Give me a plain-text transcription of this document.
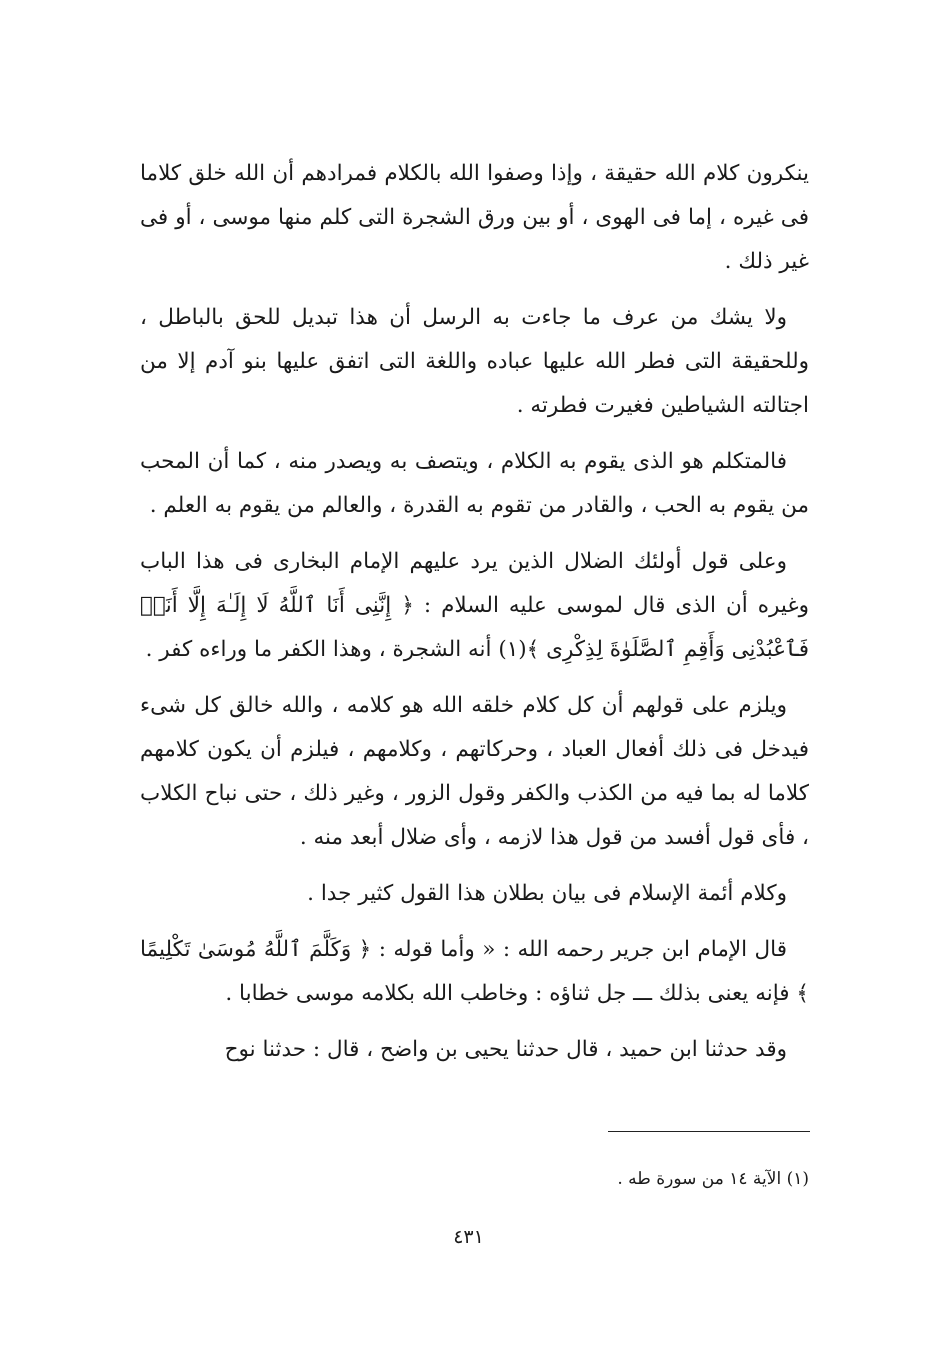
ينكرون كلام الله حقيقة ، وإذا وصفوا الله بالكلام فمرادهم أن الله خلق كلاما فى غيره ، إما فى الهوى ، أو بين ورق الشجرة التى كلم منها موسى ، أو فى غير ذلك .

ولا يشك من عرف ما جاءت به الرسل أن هذا تبديل للحق بالباطل ، وللحقيقة التى فطر الله عليها عباده واللغة التى اتفق عليها بنو آدم إلا من اجتالته الشياطين فغيرت فطرته .

فالمتكلم هو الذى يقوم به الكلام ، ويتصف به ويصدر منه ، كما أن المحب من يقوم به الحب ، والقادر من تقوم به القدرة ، والعالم من يقوم به العلم .

وعلى قول أولئك الضلال الذين يرد عليهم الإمام البخارى فى هذا الباب وغيره أن الذى قال لموسى عليه السلام : ﴿ إِنَّنِى أَنَا ٱللَّهُ لَا إِلَـٰهَ إِلَّا أَنَا۠ فَٱعْبُدْنِى وَأَقِمِ ٱلصَّلَوٰةَ لِذِكْرِى ﴾(١) أنه الشجرة ، وهذا الكفر ما وراءه كفر .

ويلزم على قولهم أن كل كلام خلقه الله هو كلامه ، والله خالق كل شىء فيدخل فى ذلك أفعال العباد ، وحركاتهم ، وكلامهم ، فيلزم أن يكون كلامهم كلاما له بما فيه من الكذب والكفر وقول الزور ، وغير ذلك ، حتى نباح الكلاب ، فأى قول أفسد من قول هذا لازمه ، وأى ضلال أبعد منه .

وكلام أئمة الإسلام فى بيان بطلان هذا القول كثير جدا .

قال الإمام ابن جرير رحمه الله : « وأما قوله : ﴿ وَكَلَّمَ ٱللَّهُ مُوسَىٰ تَكْلِيمًا ﴾ فإنه يعنى بذلك ـــ جل ثناؤه : وخاطب الله بكلامه موسى خطابا .

وقد حدثنا ابن حميد ، قال حدثنا يحيى بن واضح ، قال : حدثنا نوح

(١) الآية ١٤ من سورة طه .
٤٣١
